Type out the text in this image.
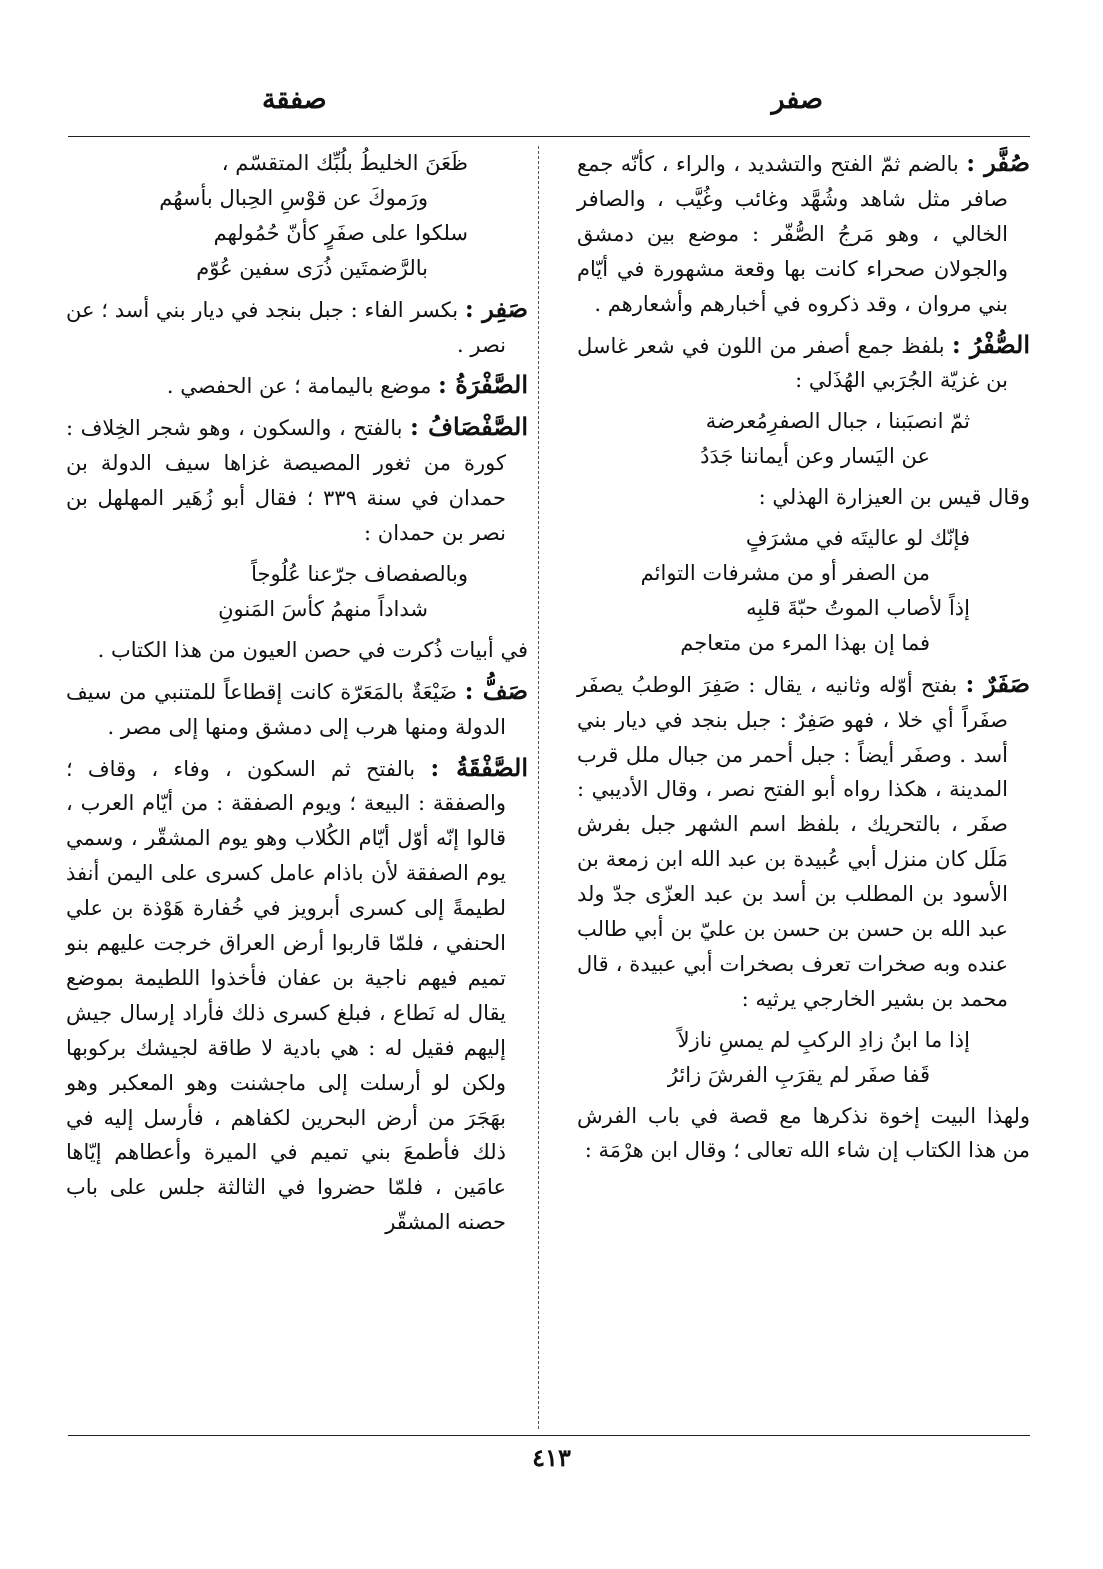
صفر
صفقة

صُفَّر : بالضم ثمّ الفتح والتشديد ، والراء ، كأنّه جمع صافر مثل شاهد وشُهَّد وغائب وغُيَّب ، والصافر الخالي ، وهو مَرجُ الصُّفّر : موضع بين دمشق والجولان صحراء كانت بها وقعة مشهورة في أيّام بني مروان ، وقد ذكروه في أخبارهم وأشعارهم .

الصُّفْرُ : بلفظ جمع أصفر من اللون في شعر غاسل بن غزيّة الجُرَبي الهُذَلي :

ثمّ انصبَبنا ، جبال الصفرِمُعرضة
عن اليَسار وعن أيماننا جَدَدُ

وقال قيس بن العيزارة الهذلي :

فإنّك لو عاليتَه في مشرَفٍ
من الصفر أو من مشرفات التوائم
إذاً لأصاب الموتُ حبّةَ قلبِه
فما إن بهذا المرء من متعاجم

صَفَرٌ : بفتح أوّله وثانيه ، يقال : صَفِرَ الوطبُ يصفَر صفَراً أي خلا ، فهو صَفِرٌ : جبل بنجد في ديار بني أسد . وصفَر أيضاً : جبل أحمر من جبال ملل قرب المدينة ، هكذا رواه أبو الفتح نصر ، وقال الأديبي : صفَر ، بالتحريك ، بلفظ اسم الشهر جبل بفرش مَلَل كان منزل أبي عُبيدة بن عبد الله ابن زمعة بن الأسود بن المطلب بن أسد بن عبد العزّى جدّ ولد عبد الله بن حسن بن حسن بن عليّ بن أبي طالب عنده وبه صخرات تعرف بصخرات أبي عبيدة ، قال محمد بن بشير الخارجي يرثيه :

إذا ما ابنُ زادِ الركبِ لم يمسِ نازلاً
قَفا صفَر لم يقرَبِ الفرشَ زائرُ

ولهذا البيت إخوة نذكرها مع قصة في باب الفرش من هذا الكتاب إن شاء الله تعالى ؛ وقال ابن هرْمَة :

ظَعَنَ الخليطُ بلُبِّك المتقسّم ،
ورَموكَ عن قوْسِ الحِبال بأسهُم
سلكوا على صفَرٍ كأنّ حُمُولهم
بالرَّضمتَين ذُرَى سفين عُوّم

صَفِر : بكسر الفاء : جبل بنجد في ديار بني أسد ؛ عن نصر .

الصَّفْرَةُ : موضع باليمامة ؛ عن الحفصي .

الصَّفْصَافُ : بالفتح ، والسكون ، وهو شجر الخِلاف : كورة من ثغور المصيصة غزاها سيف الدولة بن حمدان في سنة ٣٣٩ ؛ فقال أبو زُهَير المهلهل بن نصر بن حمدان :

وبالصفصاف جرّعنا عُلُوجاً
شداداً منهمُ كأسَ المَنونِ

في أبيات ذُكرت في حصن العيون من هذا الكتاب .

صَفُّ : ضَيْعَةٌ بالمَعَرّة كانت إقطاعاً للمتنبي من سيف الدولة ومنها هرب إلى دمشق ومنها إلى مصر .

الصَّفْقَةُ : بالفتح ثم السكون ، وفاء ، وقاف ؛ والصفقة : البيعة ؛ ويوم الصفقة : من أيّام العرب ، قالوا إنّه أوّل أيّام الكُلاب وهو يوم المشقّر ، وسمي يوم الصفقة لأن باذام عامل كسرى على اليمن أنفذ لطيمةً إلى كسرى أبرويز في خُفارة هَوْذة بن علي الحنفي ، فلمّا قاربوا أرض العراق خرجت عليهم بنو تميم فيهم ناجية بن عفان فأخذوا اللطيمة بموضع يقال له نَطاع ، فبلغ كسرى ذلك فأراد إرسال جيش إليهم فقيل له : هي بادية لا طاقة لجيشك بركوبها ولكن لو أرسلت إلى ماجشنت وهو المعكبر وهو بهَجَرَ من أرض البحرين لكفاهم ، فأرسل إليه في ذلك فأطمعَ بني تميم في الميرة وأعطاهم إيّاها عامَين ، فلمّا حضروا في الثالثة جلس على باب حصنه المشقّر

٤١٣
